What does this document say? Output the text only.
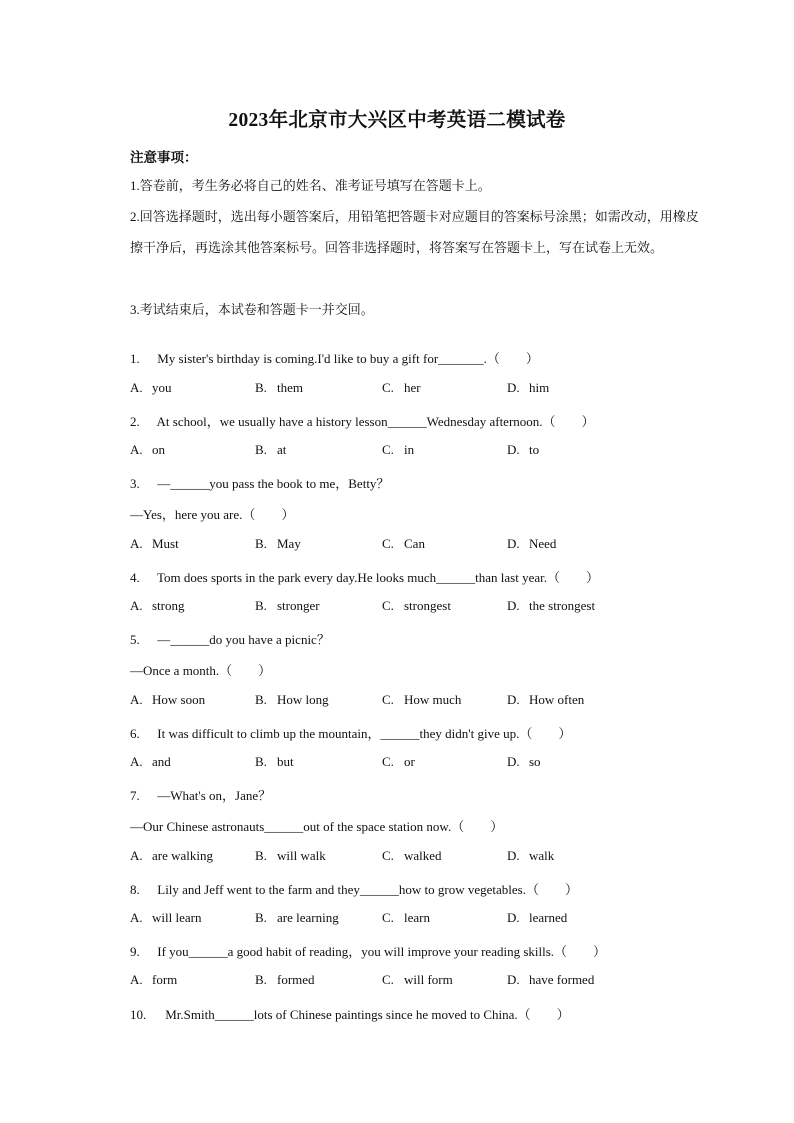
2023年北京市大兴区中考英语二模试卷
注意事项：
1.答卷前，考生务必将自己的姓名、准考证号填写在答题卡上。
2.回答选择题时，选出每小题答案后，用铅笔把答题卡对应题目的答案标号涂黑；如需改动，用橡皮擦干净后，再选涂其他答案标号。回答非选择题时，将答案写在答题卡上，写在试卷上无效。
3.考试结束后，本试卷和答题卡一并交回。
1. My sister's birthday is coming.I'd like to buy a gift for_______.（　　）
A. you	B. them	C. her	D. him
2. At school，we usually have a history lesson______Wednesday afternoon.（　　）
A. on	B. at	C. in	D. to
3. —______you pass the book to me，Betty？
—Yes，here you are.（　　）
A. Must	B. May	C. Can	D. Need
4. Tom does sports in the park every day.He looks much______than last year.（　　）
A. strong	B. stronger	C. strongest	D. the strongest
5. —______do you have a picnic？
—Once a month.（　　）
A. How soon	B. How long	C. How much	D. How often
6. It was difficult to climb up the mountain，______they didn't give up.（　　）
A. and	B. but	C. or	D. so
7. —What's on，Jane？
—Our Chinese astronauts______out of the space station now.（　　）
A. are walking	B. will walk	C. walked	D. walk
8. Lily and Jeff went to the farm and they______how to grow vegetables.（　　）
A. will learn	B. are learning	C. learn	D. learned
9. If you______a good habit of reading，you will improve your reading skills.（　　）
A. form	B. formed	C. will form	D. have formed
10. Mr.Smith______lots of Chinese paintings since he moved to China.（　　）
